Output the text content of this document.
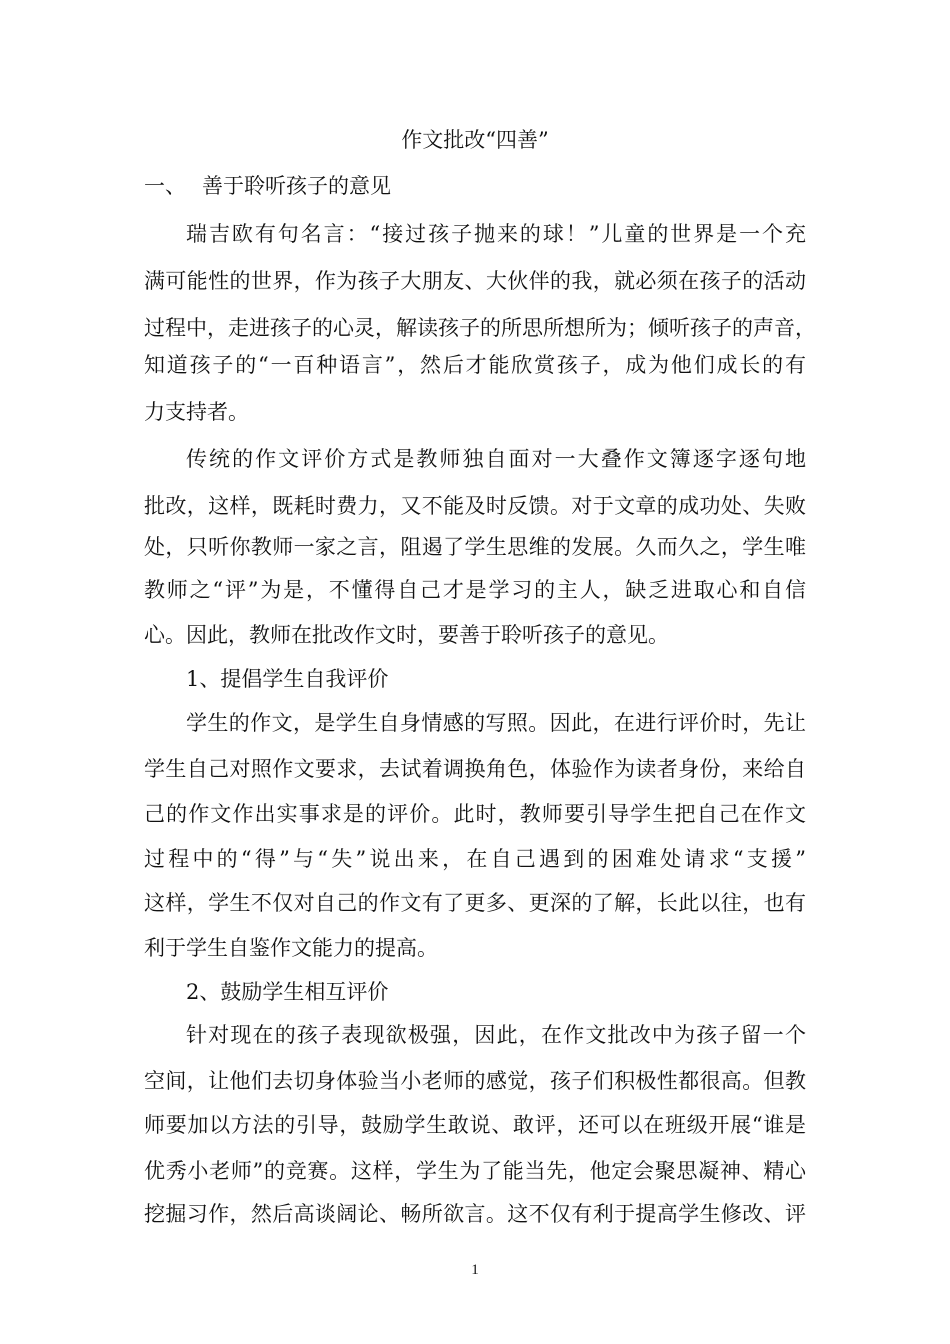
作文批改“四善”
一、 善于聆听孩子的意见
瑞吉欧有句名言：“接过孩子抛来的球！”儿童的世界是一个充
满可能性的世界，作为孩子大朋友、大伙伴的我，就必须在孩子的活动
过程中，走进孩子的心灵，解读孩子的所思所想所为；倾听孩子的声音，
知道孩子的“一百种语言”，然后才能欣赏孩子，成为他们成长的有
力支持者。
传统的作文评价方式是教师独自面对一大叠作文簿逐字逐句地
批改，这样，既耗时费力，又不能及时反馈。对于文章的成功处、失败
处，只听你教师一家之言，阻遏了学生思维的发展。久而久之，学生唯
教师之“评”为是，不懂得自己才是学习的主人，缺乏进取心和自信
心。因此，教师在批改作文时，要善于聆听孩子的意见。
1、提倡学生自我评价
学生的作文，是学生自身情感的写照。因此，在进行评价时，先让
学生自己对照作文要求，去试着调换角色，体验作为读者身份，来给自
己的作文作出实事求是的评价。此时，教师要引导学生把自己在作文
过程中的“得”与“失”说出来，在自己遇到的困难处请求“支援”
这样，学生不仅对自己的作文有了更多、更深的了解，长此以往，也有
利于学生自鉴作文能力的提高。
2、鼓励学生相互评价
针对现在的孩子表现欲极强，因此，在作文批改中为孩子留一个
空间，让他们去切身体验当小老师的感觉，孩子们积极性都很高。但教
师要加以方法的引导，鼓励学生敢说、敢评，还可以在班级开展“谁是
优秀小老师”的竞赛。这样，学生为了能当先，他定会聚思凝神、精心
挖掘习作，然后高谈阔论、畅所欲言。这不仅有利于提高学生修改、评
1
